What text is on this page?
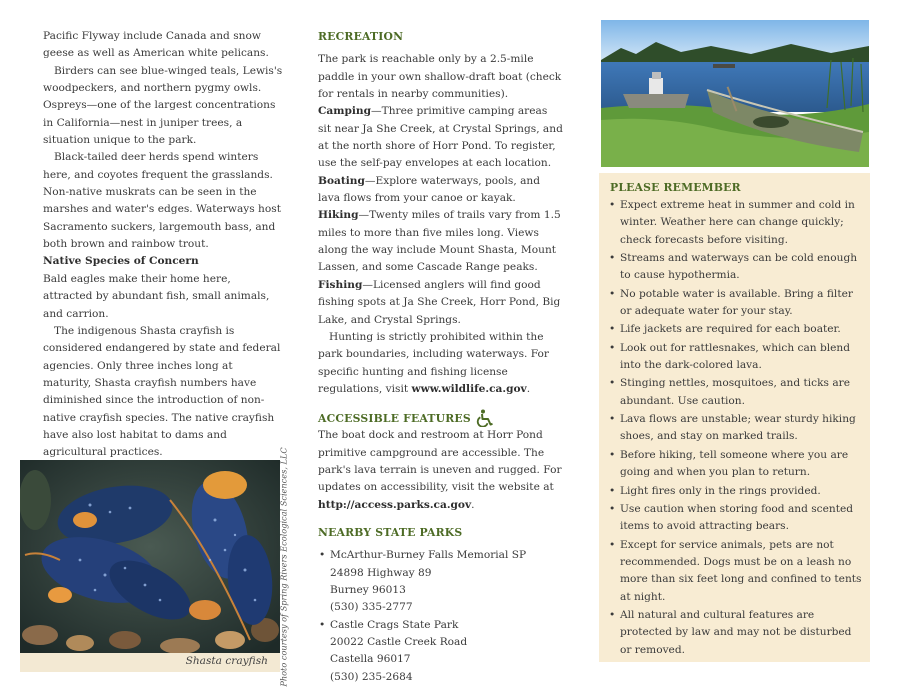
Pacific Flyway include Canada and snow geese as well as American white pelicans.

Birders can see blue-winged teals, Lewis's woodpeckers, and northern pygmy owls. Ospreys—one of the largest concentrations in California—nest in juniper trees, a situation unique to the park.

Black-tailed deer herds spend winters here, and coyotes frequent the grasslands. Non-native muskrats can be seen in the marshes and water's edges. Waterways host Sacramento suckers, largemouth bass, and both brown and rainbow trout.

Native Species of Concern

Bald eagles make their home here, attracted by abundant fish, small animals, and carrion.

The indigenous Shasta crayfish is considered endangered by state and federal agencies. Only three inches long at maturity, Shasta crayfish numbers have diminished since the introduction of non-native crayfish species. The native crayfish have also lost habitat to dams and agricultural practices.

Shasta crayfish	Photo courtesy of Spring Rivers Ecological Sciences, LLC
RECREATION

The park is reachable only by a 2.5-mile paddle in your own shallow-draft boat (check for rentals in nearby communities).

Camping—Three primitive camping areas sit near Ja She Creek, at Crystal Springs, and at the north shore of Horr Pond. To register, use the self-pay envelopes at each location.

Boating—Explore waterways, pools, and lava flows from your canoe or kayak.

Hiking—Twenty miles of trails vary from 1.5 miles to more than five miles long. Views along the way include Mount Shasta, Mount Lassen, and some Cascade Range peaks.

Fishing—Licensed anglers will find good fishing spots at Ja She Creek, Horr Pond, Big Lake, and Crystal Springs.

Hunting is strictly prohibited within the park boundaries, including waterways. For specific hunting and fishing license regulations, visit www.wildlife.ca.gov.

ACCESSIBLE FEATURES

The boat dock and restroom at Horr Pond primitive campground are accessible. The park's lava terrain is uneven and rugged. For updates on accessibility, visit the website at http://access.parks.ca.gov.

NEARBY STATE PARKS
• McArthur-Burney Falls Memorial SP
24898 Highway 89
Burney 96013
(530) 335-2777
• Castle Crags State Park
20022 Castle Creek Road
Castella 96017
(530) 235-2684
PLEASE REMEMBER
• Expect extreme heat in summer and cold in winter. Weather here can change quickly; check forecasts before visiting.
• Streams and waterways can be cold enough to cause hypothermia.
• No potable water is available. Bring a filter or adequate water for your stay.
• Life jackets are required for each boater.
• Look out for rattlesnakes, which can blend into the dark-colored lava.
• Stinging nettles, mosquitoes, and ticks are abundant. Use caution.
• Lava flows are unstable; wear sturdy hiking shoes, and stay on marked trails.
• Before hiking, tell someone where you are going and when you plan to return.
• Light fires only in the rings provided.
• Use caution when storing food and scented items to avoid attracting bears.
• Except for service animals, pets are not recommended. Dogs must be on a leash no more than six feet long and confined to tents at night.
• All natural and cultural features are protected by law and may not be disturbed or removed.
